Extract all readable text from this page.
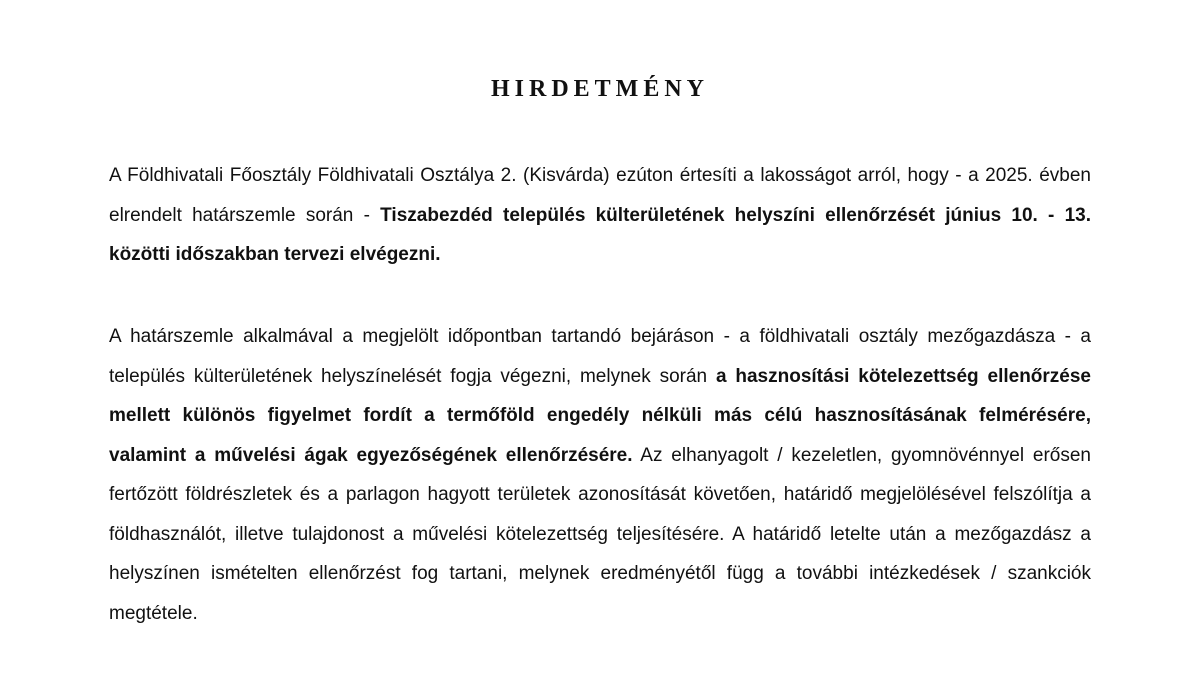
HIRDETMÉNY

A Földhivatali Főosztály Földhivatali Osztálya 2. (Kisvárda) ezúton értesíti a lakosságot arról, hogy - a 2025. évben elrendelt határszemle során - Tiszabezdéd település külterületének helyszíni ellenőrzését június 10. - 13. közötti időszakban tervezi elvégezni.

A határszemle alkalmával a megjelölt időpontban tartandó bejáráson - a földhivatali osztály mezőgazdásza - a település külterületének helyszínelését fogja végezni, melynek során a hasznosítási kötelezettség ellenőrzése mellett különös figyelmet fordít a termőföld engedély nélküli más célú hasznosításának felmérésére, valamint a művelési ágak egyezőségének ellenőrzésére. Az elhanyagolt / kezeletlen, gyomnövénnyel erősen fertőzött földrészletek és a parlagon hagyott területek azonosítását követően, határidő megjelölésével felszólítja a földhasználót, illetve tulajdonost a művelési kötelezettség teljesítésére. A határidő letelte után a mezőgazdász a helyszínen ismételten ellenőrzést fog tartani, melynek eredményétől függ a további intézkedések / szankciók megtétele.
